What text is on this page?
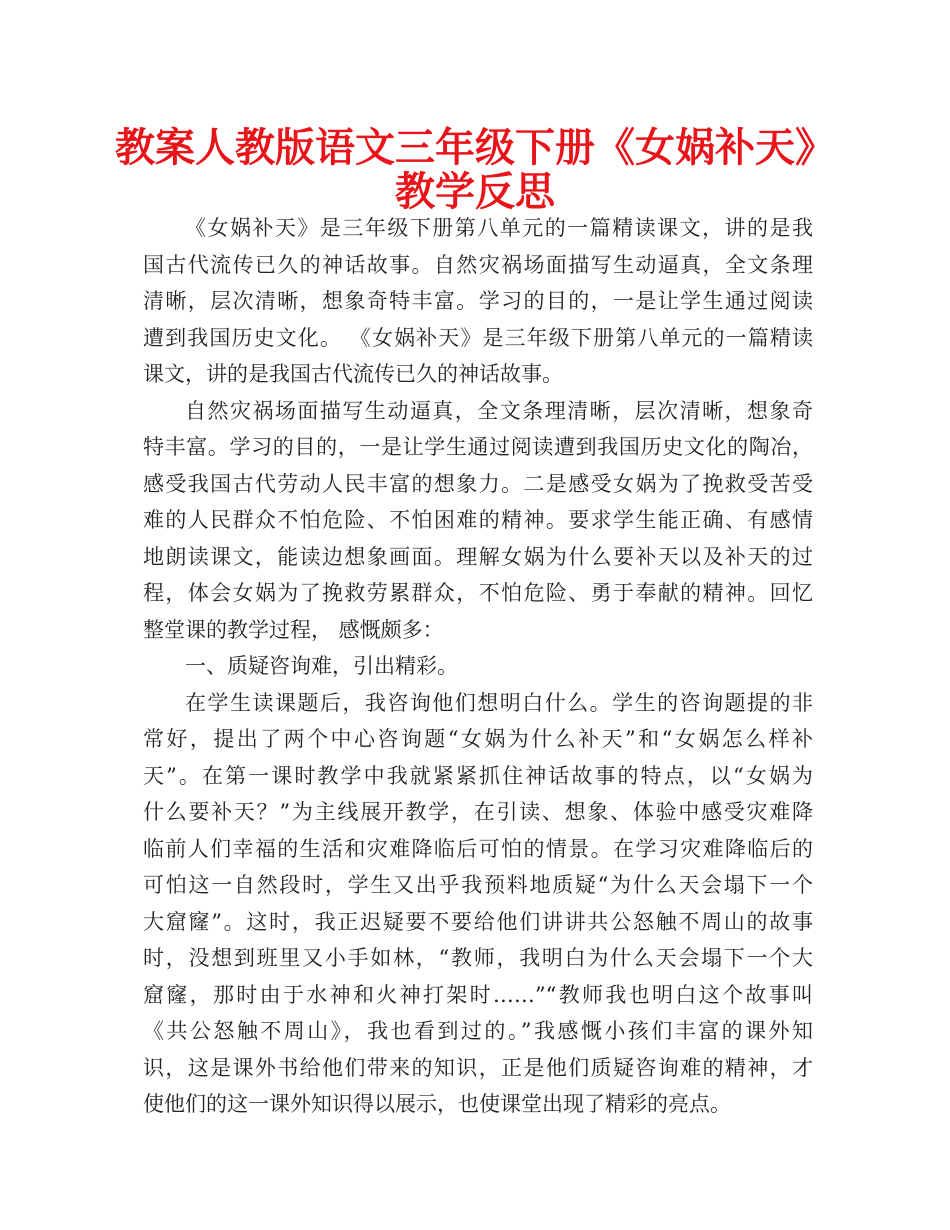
教案人教版语文三年级下册《女娲补天》
教学反思
《女娲补天》是三年级下册第八单元的一篇精读课文，讲的是我
国古代流传已久的神话故事。自然灾祸场面描写生动逼真，全文条理
清晰，层次清晰，想象奇特丰富。学习的目的，一是让学生通过阅读
遭到我国历史文化。 《女娲补天》是三年级下册第八单元的一篇精读
课文，讲的是我国古代流传已久的神话故事。
自然灾祸场面描写生动逼真，全文条理清晰，层次清晰，想象奇
特丰富。学习的目的，一是让学生通过阅读遭到我国历史文化的陶冶，
感受我国古代劳动人民丰富的想象力。二是感受女娲为了挽救受苦受
难的人民群众不怕危险、不怕困难的精神。要求学生能正确、有感情
地朗读课文，能读边想象画面。理解女娲为什么要补天以及补天的过
程，体会女娲为了挽救劳累群众，不怕危险、勇于奉献的精神。回忆
整堂课的教学过程， 感慨颇多：
一、质疑咨询难，引出精彩。
在学生读课题后，我咨询他们想明白什么。学生的咨询题提的非
常好，提出了两个中心咨询题“女娲为什么补天”和“女娲怎么样补
天”。在第一课时教学中我就紧紧抓住神话故事的特点，以“女娲为
什么要补天？”为主线展开教学，在引读、想象、体验中感受灾难降
临前人们幸福的生活和灾难降临后可怕的情景。在学习灾难降临后的
可怕这一自然段时，学生又出乎我预料地质疑“为什么天会塌下一个
大窟窿”。这时，我正迟疑要不要给他们讲讲共公怒触不周山的故事
时，没想到班里又小手如林，“教师，我明白为什么天会塌下一个大
窟窿，那时由于水神和火神打架时……”“教师我也明白这个故事叫
《共公怒触不周山》，我也看到过的。”我感慨小孩们丰富的课外知
识，这是课外书给他们带来的知识，正是他们质疑咨询难的精神，才
使他们的这一课外知识得以展示，也使课堂出现了精彩的亮点。
